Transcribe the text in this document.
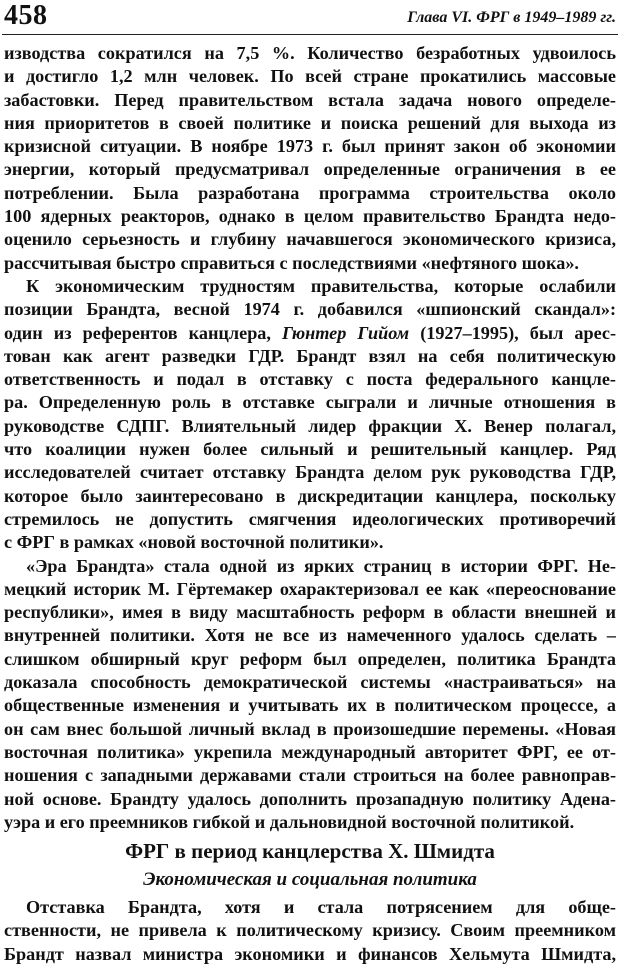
458	Глава VI. ФРГ в 1949–1989 гг.
изводства сократился на 7,5 %. Количество безработных удвоилось
и достигло 1,2 млн человек. По всей стране прокатились массовые
забастовки. Перед правительством встала задача нового определе-
ния приоритетов в своей политике и поиска решений для выхода из
кризисной ситуации. В ноябре 1973 г. был принят закон об экономии
энергии, который предусматривал определенные ограничения в ее
потреблении. Была разработана программа строительства около
100 ядерных реакторов, однако в целом правительство Брандта недо-
оценило серьезность и глубину начавшегося экономического кризиса,
рассчитывая быстро справиться с последствиями «нефтяного шока».
К экономическим трудностям правительства, которые ослабили
позиции Брандта, весной 1974 г. добавился «шпионский скандал»:
один из референтов канцлера, Гюнтер Гийом (1927–1995), был арес-
тован как агент разведки ГДР. Брандт взял на себя политическую
ответственность и подал в отставку с поста федерального канцле-
ра. Определенную роль в отставке сыграли и личные отношения в
руководстве СДПГ. Влиятельный лидер фракции Х. Венер полагал,
что коалиции нужен более сильный и решительный канцлер. Ряд
исследователей считает отставку Брандта делом рук руководства ГДР,
которое было заинтересовано в дискредитации канцлера, поскольку
стремилось не допустить смягчения идеологических противоречий
с ФРГ в рамках «новой восточной политики».
«Эра Брандта» стала одной из ярких страниц в истории ФРГ. Не-
мецкий историк М. Гёртемакер охарактеризовал ее как «переоснование
республики», имея в виду масштабность реформ в области внешней и
внутренней политики. Хотя не все из намеченного удалось сделать –
слишком обширный круг реформ был определен, политика Брандта
доказала способность демократической системы «настраиваться» на
общественные изменения и учитывать их в политическом процессе, а
он сам внес большой личный вклад в произошедшие перемены. «Новая
восточная политика» укрепила международный авторитет ФРГ, ее от-
ношения с западными державами стали строиться на более равноправ-
ной основе. Брандту удалось дополнить прозападную политику Адена-
уэра и его преемников гибкой и дальновидной восточной политикой.
ФРГ в период канцлерства Х. Шмидта
Экономическая и социальная политика
Отставка Брандта, хотя и стала потрясением для обще-
ственности, не привела к политическому кризису. Своим преемником
Брандт назвал министра экономики и финансов Хельмута Шмидта,
